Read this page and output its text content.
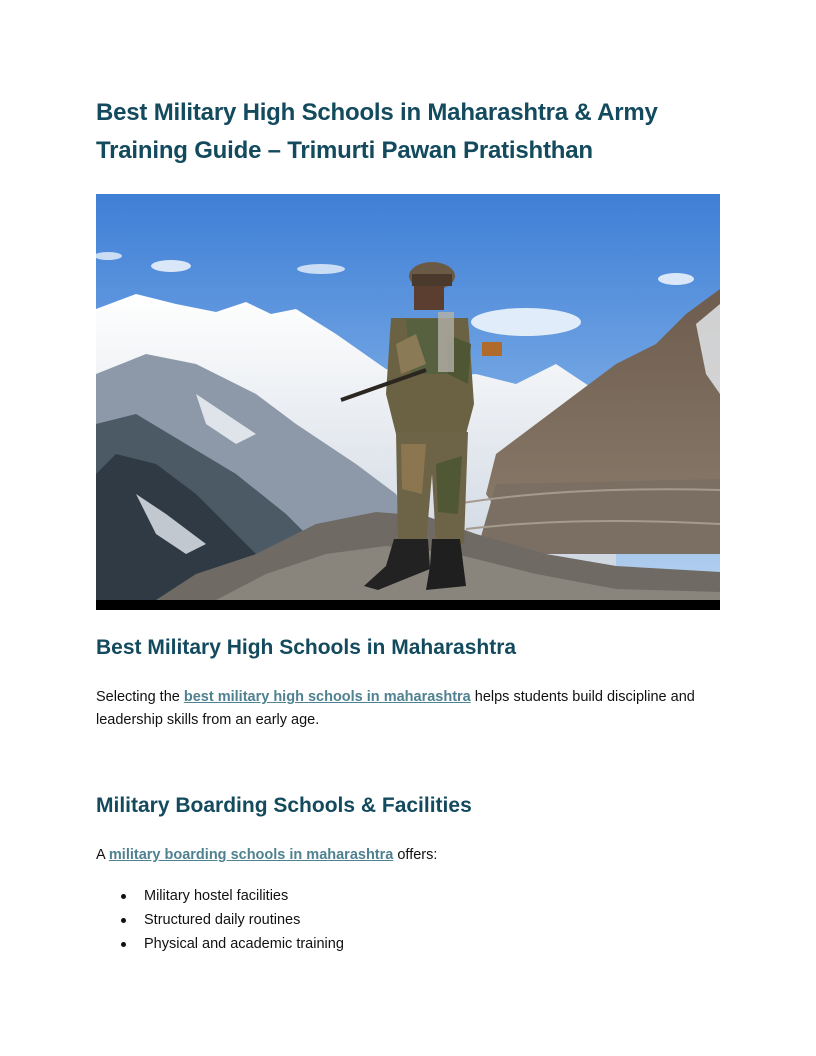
Best Military High Schools in Maharashtra & Army Training Guide – Trimurti Pawan Pratishthan
Best Military High Schools in Maharashtra

Selecting the best military high schools in maharashtra helps students build discipline and leadership skills from an early age.

Military Boarding Schools & Facilities

A military boarding schools in maharashtra offers:

Military hostel facilities
Structured daily routines
Physical and academic training
